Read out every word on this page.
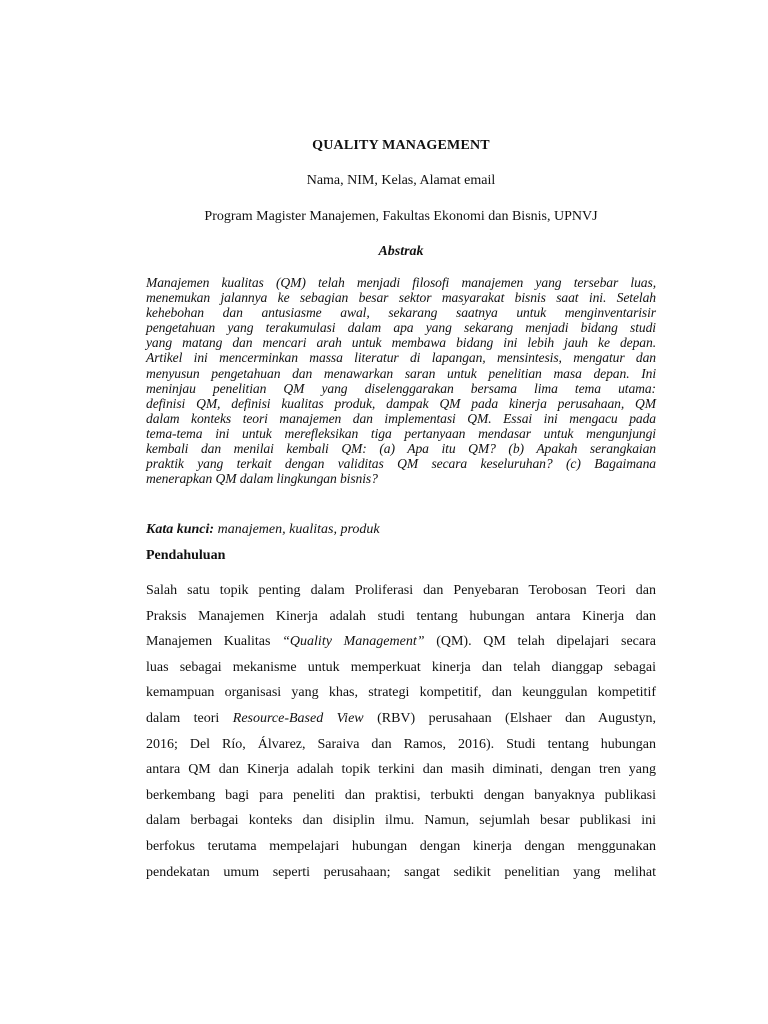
QUALITY MANAGEMENT
Nama, NIM, Kelas, Alamat email
Program Magister Manajemen, Fakultas Ekonomi dan Bisnis, UPNVJ
Abstrak
Manajemen kualitas (QM) telah menjadi filosofi manajemen yang tersebar luas,
menemukan jalannya ke sebagian besar sektor masyarakat bisnis saat ini. Setelah
kehebohan dan antusiasme awal, sekarang saatnya untuk menginventarisir
pengetahuan yang terakumulasi dalam apa yang sekarang menjadi bidang studi
yang matang dan mencari arah untuk membawa bidang ini lebih jauh ke depan.
Artikel ini mencerminkan massa literatur di lapangan, mensintesis, mengatur dan
menyusun pengetahuan dan menawarkan saran untuk penelitian masa depan. Ini
meninjau penelitian QM yang diselenggarakan bersama lima tema utama:
definisi QM, definisi kualitas produk, dampak QM pada kinerja perusahaan, QM
dalam konteks teori manajemen dan implementasi QM. Essai ini mengacu pada
tema-tema ini untuk merefleksikan tiga pertanyaan mendasar untuk mengunjungi
kembali dan menilai kembali QM: (a) Apa itu QM? (b) Apakah serangkaian
praktik yang terkait dengan validitas QM secara keseluruhan? (c) Bagaimana
menerapkan QM dalam lingkungan bisnis?
Kata kunci: manajemen, kualitas, produk
Pendahuluan
Salah satu topik penting dalam Proliferasi dan Penyebaran Terobosan Teori dan
Praksis Manajemen Kinerja adalah studi tentang hubungan antara Kinerja dan
Manajemen Kualitas “Quality Management” (QM). QM telah dipelajari secara
luas sebagai mekanisme untuk memperkuat kinerja dan telah dianggap sebagai
kemampuan organisasi yang khas, strategi kompetitif, dan keunggulan kompetitif
dalam teori Resource-Based View (RBV) perusahaan (Elshaer dan Augustyn,
2016; Del Río, Álvarez, Saraiva dan Ramos, 2016). Studi tentang hubungan
antara QM dan Kinerja adalah topik terkini dan masih diminati, dengan tren yang
berkembang bagi para peneliti dan praktisi, terbukti dengan banyaknya publikasi
dalam berbagai konteks dan disiplin ilmu. Namun, sejumlah besar publikasi ini
berfokus terutama mempelajari hubungan dengan kinerja dengan menggunakan
pendekatan umum seperti perusahaan; sangat sedikit penelitian yang melihat
